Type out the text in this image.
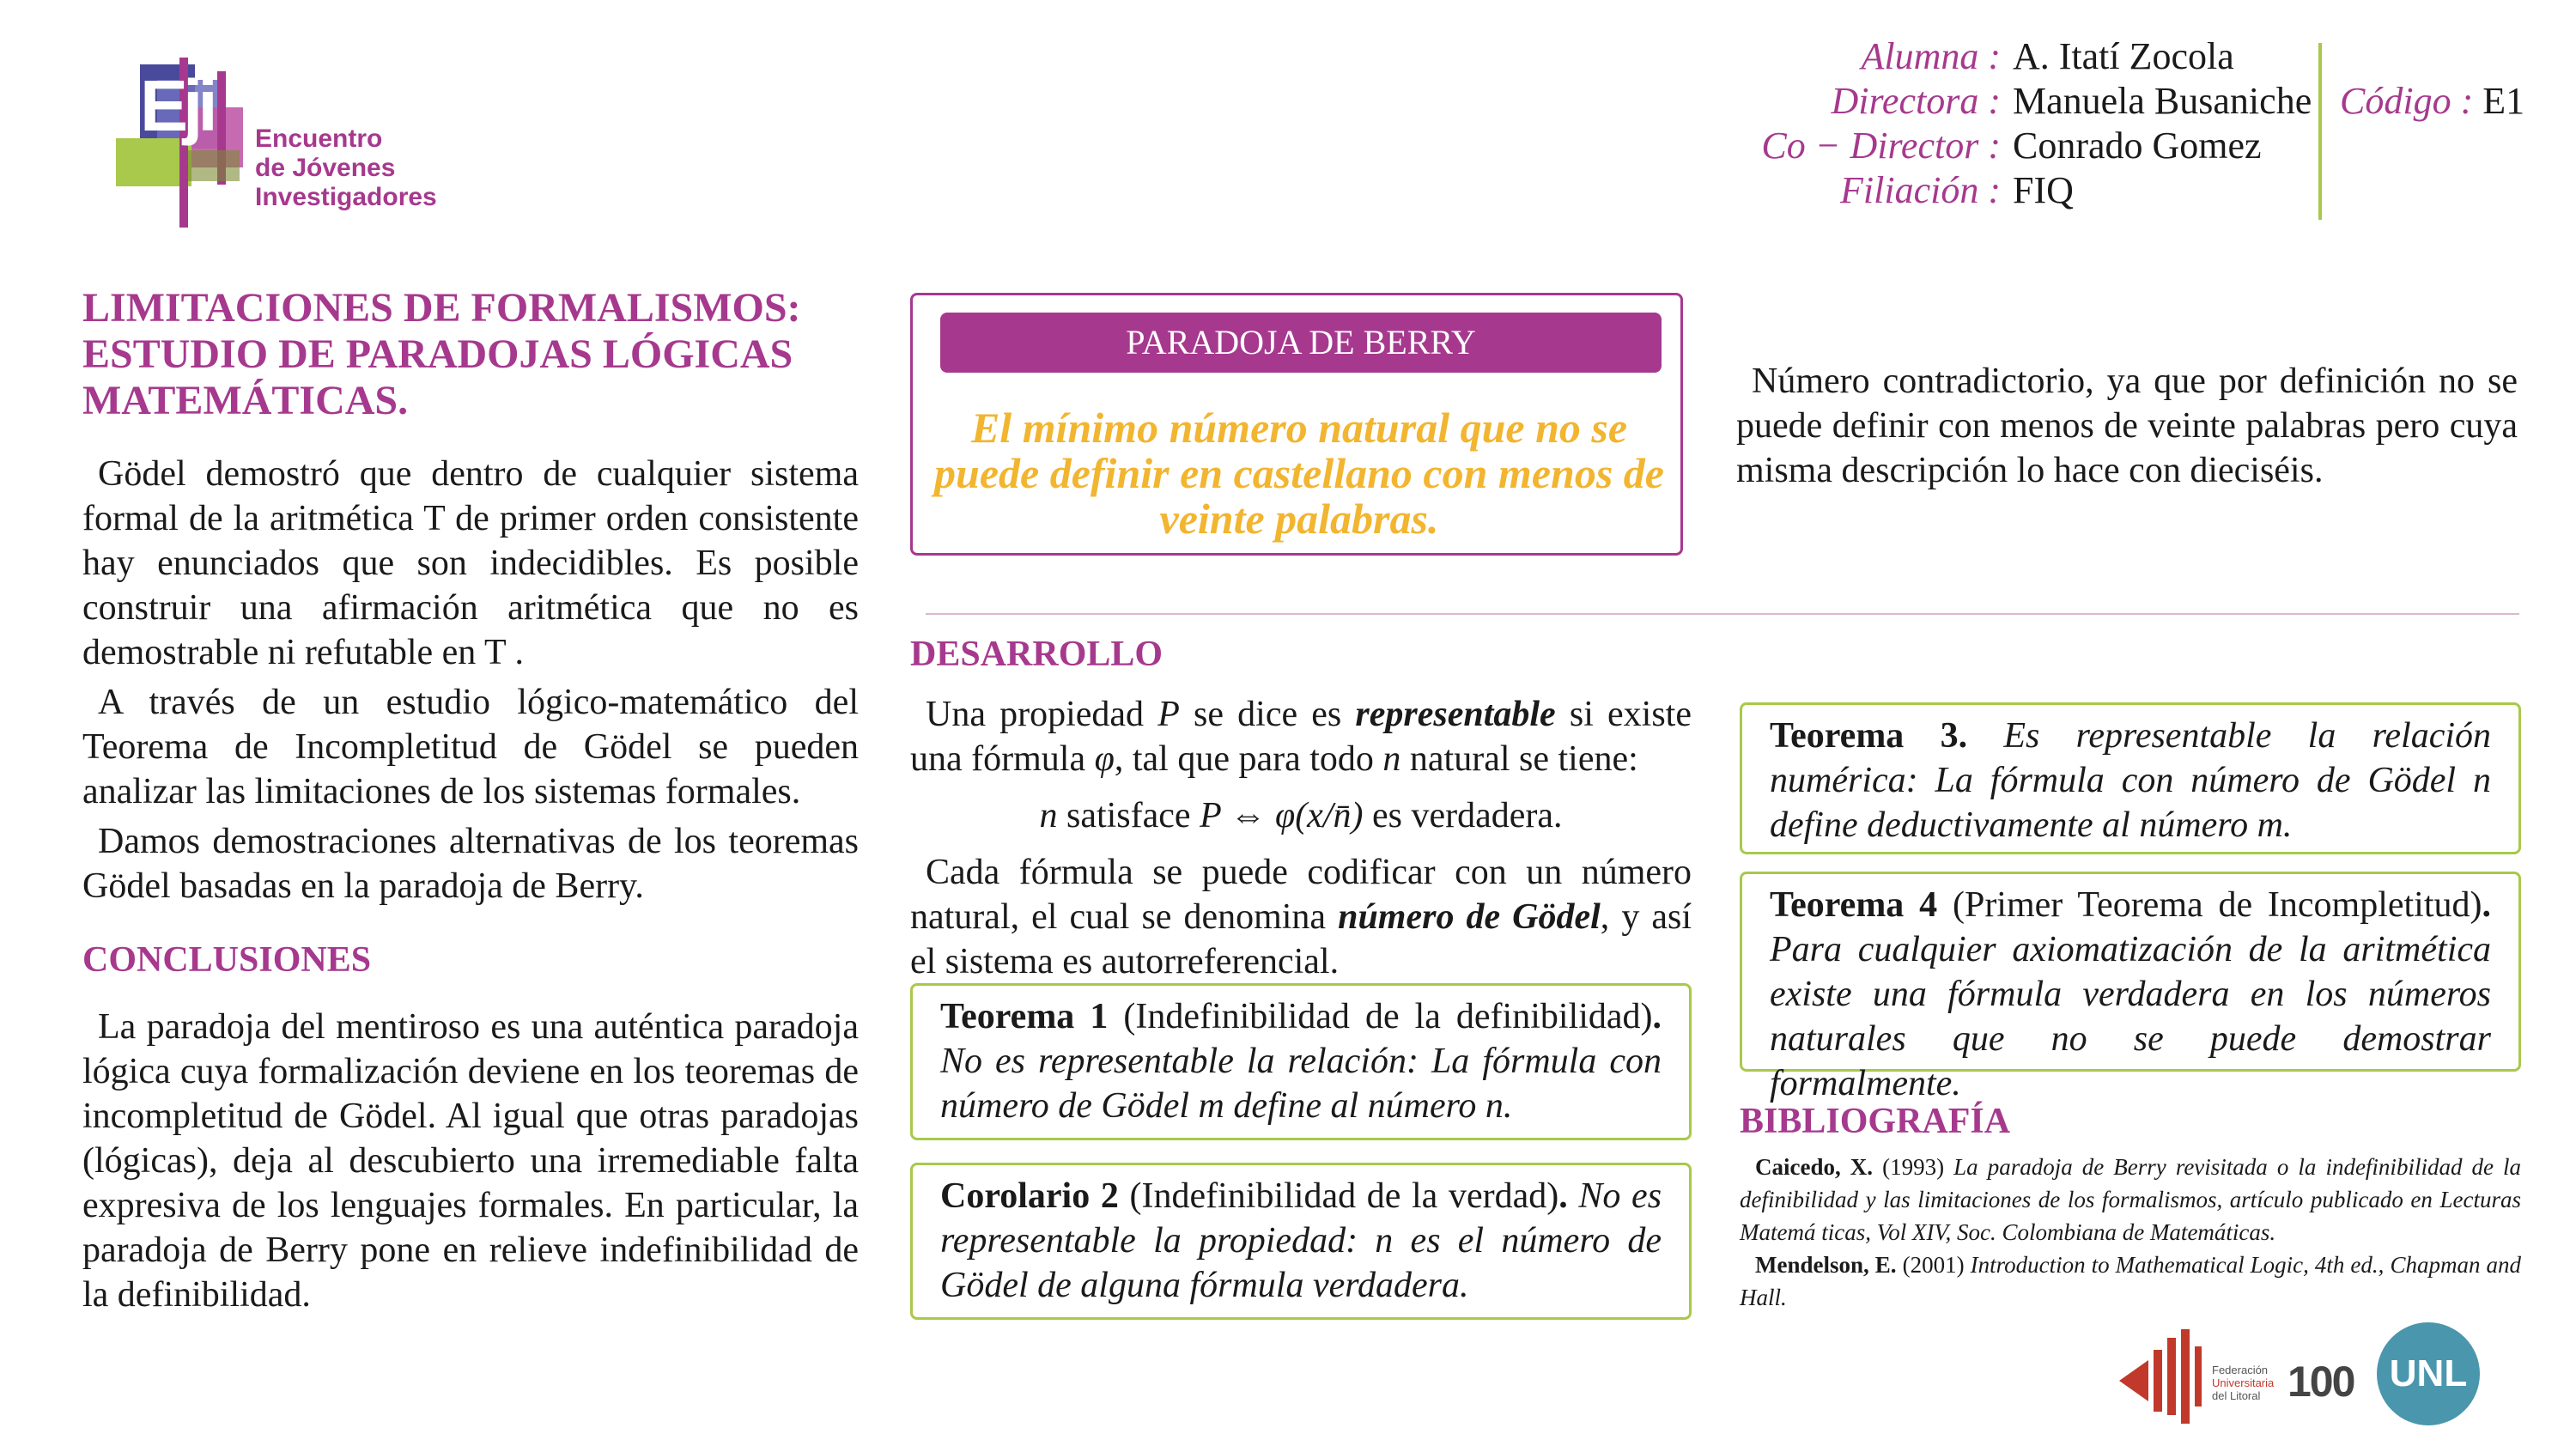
Eji Encuentro
de Jóvenes
Investigadores
Alumna : A. Itatí Zocola
Directora : Manuela Busaniche
Co − Director : Conrado Gomez
Filiación : FIQ
Código : E1
LIMITACIONES DE FORMALISMOS: ESTUDIO DE PARADOJAS LÓGICAS MATEMÁTICAS.

Gödel demostró que dentro de cualquier sistema formal de la aritmética T de primer orden consistente hay enunciados que son indecidibles. Es posible construir una afirmación aritmética que no es demostrable ni refutable en T .

A través de un estudio lógico-matemático del Teorema de Incompletitud de Gödel se pueden analizar las limitaciones de los sistemas formales.

Damos demostraciones alternativas de los teoremas Gödel basadas en la paradoja de Berry.

CONCLUSIONES

La paradoja del mentiroso es una auténtica paradoja lógica cuya formalización deviene en los teoremas de incompletitud de Gödel. Al igual que otras paradojas (lógicas), deja al descubierto una irremediable falta expresiva de los lenguajes formales. En particular, la paradoja de Berry pone en relieve indefinibilidad de la definibilidad.

PARADOJA DE BERRY
El mínimo número natural que no se puede definir en castellano con menos de veinte palabras.

Número contradictorio, ya que por definición no se puede definir con menos de veinte palabras pero cuya misma descripción lo hace con dieciséis.

DESARROLLO

Una propiedad P se dice es representable si existe una fórmula φ, tal que para todo n natural se tiene:

n satisface P ⇔ φ(x/n̄) es verdadera.

Cada fórmula se puede codificar con un número natural, el cual se denomina número de Gödel, y así el sistema es autorreferencial.

Teorema 1 (Indefinibilidad de la definibilidad). No es representable la relación: La fórmula con número de Gödel m define al número n.
Corolario 2 (Indefinibilidad de la verdad). No es representable la propiedad: n es el número de Gödel de alguna fórmula verdadera.
Teorema 3. Es representable la relación numérica: La fórmula con número de Gödel n define deductivamente al número m.
Teorema 4 (Primer Teorema de Incompletitud). Para cualquier axiomatización de la aritmética existe una fórmula verdadera en los números naturales que no se puede demostrar formalmente.
BIBLIOGRAFÍA

Caicedo, X. (1993) La paradoja de Berry revisitada o la indefinibilidad de la definibilidad y las limitaciones de los formalismos, artículo publicado en Lecturas Matemá ticas, Vol XIV, Soc. Colombiana de Matemáticas.

Mendelson, E. (2001) Introduction to Mathematical Logic, 4th ed., Chapman and Hall.

Federación
Universitaria
del Litoral 100 UNL
